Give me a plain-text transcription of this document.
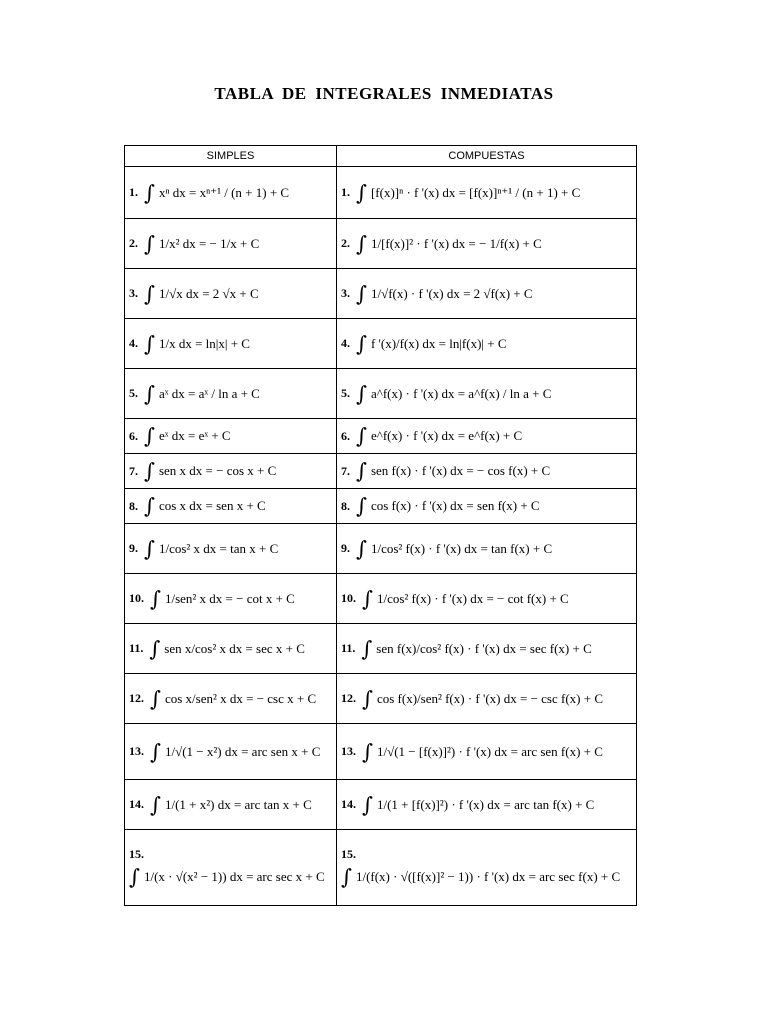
TABLA DE INTEGRALES INMEDIATAS
SIMPLES	COMPUESTAS

1. ∫ xⁿ dx = xⁿ⁺¹ / (n + 1) + C	1. ∫ [f(x)]ⁿ · f '(x) dx = [f(x)]ⁿ⁺¹ / (n + 1) + C

2. ∫ 1/x² dx = − 1/x + C	2. ∫ 1/[f(x)]² · f '(x) dx = − 1/f(x) + C

3. ∫ 1/√x dx = 2 √x + C	3. ∫ 1/√f(x) · f '(x) dx = 2 √f(x) + C

4. ∫ 1/x dx = ln|x| + C	4. ∫ f '(x)/f(x) dx = ln|f(x)| + C

5. ∫ aˣ dx = aˣ / ln a + C	5. ∫ a^f(x) · f '(x) dx = a^f(x) / ln a + C

6. ∫ eˣ dx = eˣ + C	6. ∫ e^f(x) · f '(x) dx = e^f(x) + C

7. ∫ sen x dx = − cos x + C	7. ∫ sen f(x) · f '(x) dx = − cos f(x) + C

8. ∫ cos x dx = sen x + C	8. ∫ cos f(x) · f '(x) dx = sen f(x) + C

9. ∫ 1/cos² x dx = tan x + C	9. ∫ 1/cos² f(x) · f '(x) dx = tan f(x) + C

10. ∫ 1/sen² x dx = − cot x + C	10. ∫ 1/cos² f(x) · f '(x) dx = − cot f(x) + C

11. ∫ sen x/cos² x dx = sec x + C	11. ∫ sen f(x)/cos² f(x) · f '(x) dx = sec f(x) + C

12. ∫ cos x/sen² x dx = − csc x + C	12. ∫ cos f(x)/sen² f(x) · f '(x) dx = − csc f(x) + C

13. ∫ 1/√(1 − x²) dx = arc sen x + C	13. ∫ 1/√(1 − [f(x)]²) · f '(x) dx = arc sen f(x) + C

14. ∫ 1/(1 + x²) dx = arc tan x + C	14. ∫ 1/(1 + [f(x)]²) · f '(x) dx = arc tan f(x) + C

15.
∫ 1/(x · √(x² − 1)) dx = arc sec x + C	15.
∫ 1/(f(x) · √([f(x)]² − 1)) · f '(x) dx = arc sec f(x) + C
